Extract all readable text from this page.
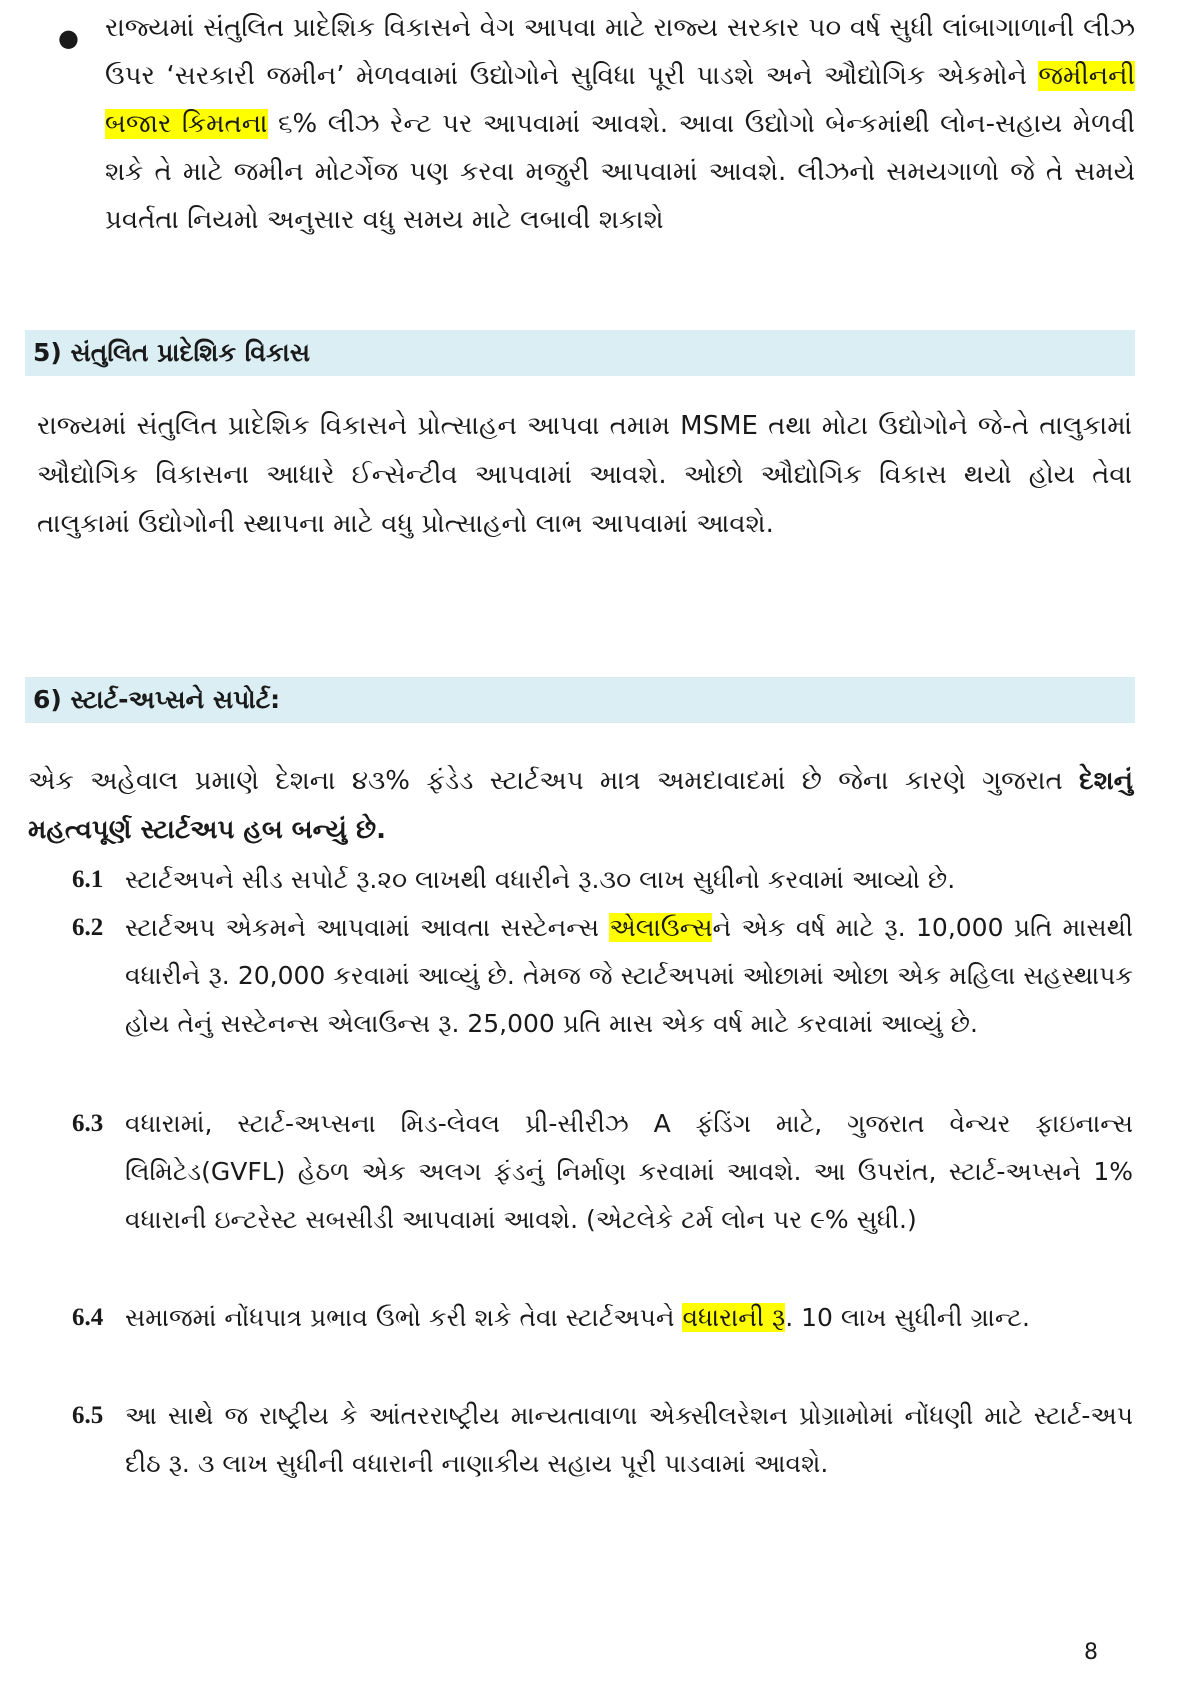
● રાજ્યમાં સંતુલિત પ્રાદેશિક વિકાસને વેગ આપવા માટે રાજ્ય સરકાર ૫૦ વર્ષ સુધી લાંબાગાળાની લીઝ ઉપર ‘સરકારી જમીન’ મેળવવામાં ઉદ્યોગોને સુવિધા પૂરી પાડશે અને ઔદ્યોગિક એકમોને જમીનની બજાર કિમતના ૬% લીઝ રેન્ટ પર આપવામાં આવશે. આવા ઉદ્યોગો બેન્કમાંથી લોન-સહાય મેળવી શકે તે માટે જમીન મોટર્ગેજ પણ કરવા મજુરી આપવામાં આવશે. લીઝનો સમયગાળો જે તે સમયે પ્રવર્તતા નિયમો અનુસાર વધુ સમય માટે લબાવી શકાશે
5) સંતુલિત પ્રાદેશિક વિકાસ
રાજ્યમાં સંતુલિત પ્રાદેશિક વિકાસને પ્રોત્સાહન આપવા તમામ MSME તથા મોટા ઉદ્યોગોને જે-તે તાલુકામાં ઔદ્યોગિક વિકાસના આધારે ઈન્સેન્ટીવ આપવામાં આવશે. ઓછો ઔદ્યોગિક વિકાસ થયો હોય તેવા તાલુકામાં ઉદ્યોગોની સ્થાપના માટે વધુ પ્રોત્સાહનો લાભ આપવામાં આવશે.
6) સ્ટાર્ટ-અપ્સને સપોર્ટ:
એક અહેવાલ પ્રમાણે દેશના ૪૩% ફંડેડ સ્ટાર્ટઅપ માત્ર અમદાવાદમાં છે જેના કારણે ગુજરાત દેશનું મહત્વપૂર્ણ સ્ટાર્ટઅપ હબ બન્યું છે.
6.1 સ્ટાર્ટઅપને સીડ સપોર્ટ રૂ.૨૦ લાખથી વધારીને રૂ.૩૦ લાખ સુધીનો કરવામાં આવ્યો છે.
6.2 સ્ટાર્ટઅપ એકમને આપવામાં આવતા સસ્ટેનન્સ એલાઉન્સને એક વર્ષ માટે રૂ. 10,000 પ્રતિ માસથી વધારીને રૂ. 20,000 કરવામાં આવ્યું છે. તેમજ જે સ્ટાર્ટઅપમાં ઓછામાં ઓછા એક મહિલા સહસ્થાપક હોય તેનું સસ્ટેનન્સ એલાઉન્સ રૂ. 25,000 પ્રતિ માસ એક વર્ષ માટે કરવામાં આવ્યું છે.
6.3 વધારામાં, સ્ટાર્ટ-અપ્સના મિડ-લેવલ પ્રી-સીરીઝ A ફંડિંગ માટે, ગુજરાત વેન્ચર ફાઇનાન્સ લિમિટેડ(GVFL) હેઠળ એક અલગ ફંડનું નિર્માણ કરવામાં આવશે. આ ઉપરાંત, સ્ટાર્ટ-અપ્સને 1% વધારાની ઇન્ટરેસ્ટ સબસીડી આપવામાં આવશે. (એટલેકે ટર્મ લોન પર ૯% સુધી.)
6.4 સમાજમાં નોંધપાત્ર પ્રભાવ ઉભો કરી શકે તેવા સ્ટાર્ટઅપને વધારાની રૂ. 10 લાખ સુધીની ગ્રાન્ટ.
6.5 આ સાથે જ રાષ્ટ્રીય કે આંતરરાષ્ટ્રીય માન્યતાવાળા એક્સીલરેશન પ્રોગ્રામોમાં નોંધણી માટે સ્ટાર્ટ-અપ દીઠ રૂ. ૩ લાખ સુધીની વધારાની નાણાકીય સહાય પૂરી પાડવામાં આવશે.
8
